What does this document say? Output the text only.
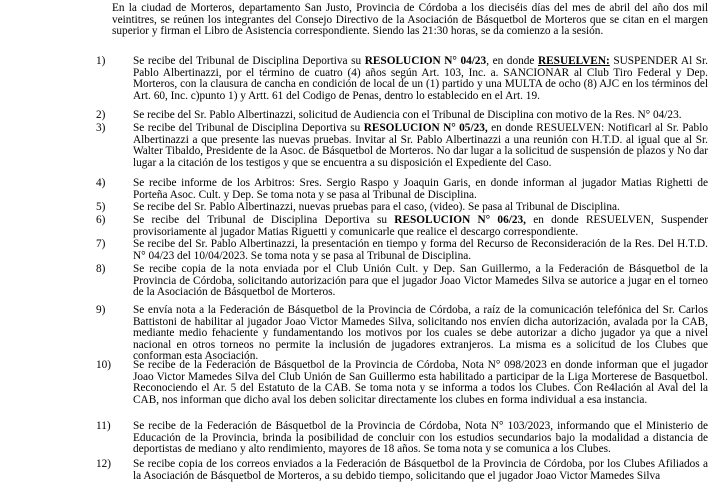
En la ciudad de Morteros, departamento San Justo, Provincia de Córdoba a los dieciséis días del mes de abril del año dos mil veintitres, se reúnen los integrantes del Consejo Directivo de la Asociación de Básquetbol de Morteros que se citan en el margen superior y firman el Libro de Asistencia correspondiente. Siendo las 21:30 horas, se da comienzo a la sesión.
1)	Se recibe del Tribunal de Disciplina Deportiva su RESOLUCION N° 04/23, en donde RESUELVEN: SUSPENDER Al Sr. Pablo Albertinazzi, por el término de cuatro (4) años según Art. 103, Inc. a. SANCIONAR al Club Tiro Federal y Dep. Morteros, con la clausura de cancha en condición de local de un (1) partido y una MULTA de ocho (8) AJC en los términos del Art. 60, Inc. c)punto 1) y Artt. 61 del Codigo de Penas, dentro lo establecido en el Art. 19.
2)	Se recibe del Sr. Pablo Albertinazzi, solicitud de Audiencia con el Tribunal de Disciplina con motivo de la Res. N° 04/23.
3)	Se recibe del Tribunal de Disciplina Deportiva su RESOLUCION N° 05/23, en donde RESUELVEN: Notificarl al Sr. Pablo Albertinazzi a que presente las nuevas pruebas. Invitar al Sr. Pablo Albertinazzi a una reunión con H.T.D. al igual que al Sr. Walter Tibaldo, Presidente de la Asoc. de Básquetbol de Morteros. No dar lugar a la solicitud de suspensión de plazos y No dar lugar a la citación de los testigos y que se encuentra a su disposición el Expediente del Caso.
4)	Se recibe informe de los Arbitros: Sres. Sergio Raspo y Joaquin Garis, en donde informan al jugador Matias Righetti de Porteña Asoc. Cult. y Dep. Se toma nota y se pasa al Tribunal de Disciplina.
5)	Se recibe del Sr. Pablo Albertinazzi, nuevas pruebas para el caso, (video). Se pasa al Tribunal de Disciplina.
6)	Se recibe del Tribunal de Disciplina Deportiva su RESOLUCION N° 06/23, en donde RESUELVEN, Suspender provisoriamente al jugador Matias Riguetti y comunicarle que realice el descargo correspondiente.
7)	Se recibe del Sr. Pablo Albertinazzi, la presentación en tiempo y forma del Recurso de Reconsideración de la Res. Del H.T.D. N° 04/23 del 10/04/2023. Se toma nota y se pasa al Tribunal de Disciplina.
8)	Se recibe copia de la nota enviada por el Club Unión Cult. y Dep. San Guillermo, a la Federación de Básquetbol de la Provincia de Córdoba, solicitando autorización para que el jugador Joao Victor Mamedes Silva se autorice a jugar en el torneo de la Asociación de Básquetbol de Morteros.
9)	Se envía nota a la Federación de Básquetbol de la Provincia de Córdoba, a raíz de la comunicación telefónica del Sr. Carlos Battistoni de habilitar al jugador Joao Victor Mamedes Silva, solicitando nos envíen dicha autorización, avalada por la CAB, mediante medio fehaciente y fundamentando los motivos por los cuales se debe autorizar a dicho jugador ya que a nivel nacional en otros torneos no permite la inclusión de jugadores extranjeros. La misma es a solicitud de los Clubes que conforman esta Asociación.
10)	Se recibe de la Federación de Básquetbol de la Provincia de Córdoba, Nota N° 098/2023 en donde informan que el jugador Joao Victor Mamedes Silva del Club Unión de San Guillermo esta habilitado a participar de la Liga Morterese de Basquetbol. Reconociendo el Ar. 5 del Estatuto de la CAB. Se toma nota y se informa a todos los Clubes. Con Re4lación al Aval del la CAB, nos informan que dicho aval los deben solicitar directamente los clubes en forma individual a esa instancia.
11)	Se recibe de la Federación de Básquetbol de la Provincia de Córdoba, Nota N° 103/2023, informando que el Ministerio de Educación de la Provincia, brinda la posibilidad de concluir con los estudios secundarios bajo la modalidad a distancia de deportistas de mediano y alto rendimiento, mayores de 18 años. Se toma nota y se comunica a los Clubes.
12)	Se recibe copia de los correos enviados a la Federación de Básquetbol de la Provincia de Córdoba, por los Clubes Afiliados a la Asociación de Básquetbol de Morteros, a su debido tiempo, solicitando que el jugador Joao Victor Mamedes Silva
